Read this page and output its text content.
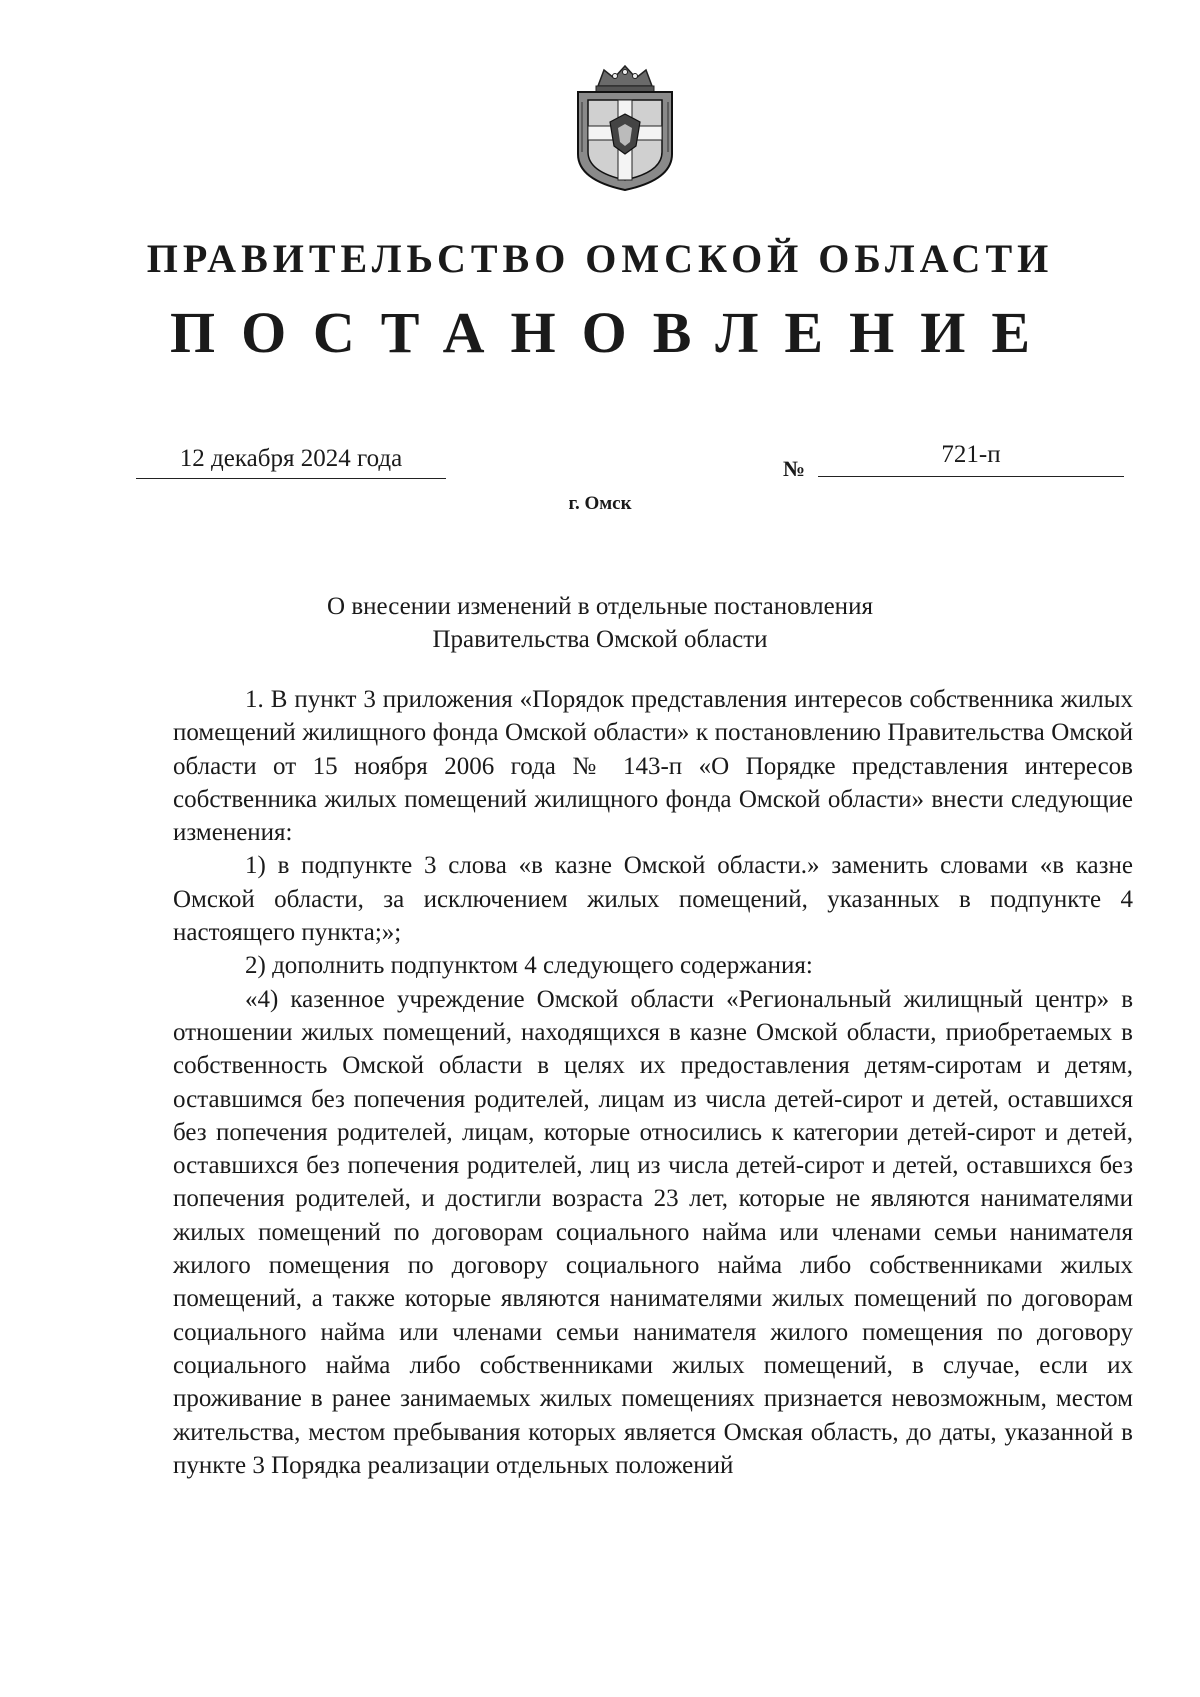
ПРАВИТЕЛЬСТВО ОМСКОЙ ОБЛАСТИ
ПОСТАНОВЛЕНИЕ
12 декабря 2024 года	№
721-п
г. Омск
О внесении изменений в отдельные постановления
Правительства Омской области

1. В пункт 3 приложения «Порядок представления интересов собственника жилых помещений жилищного фонда Омской области» к постановлению Правительства Омской области от 15 ноября 2006 года № 143-п «О Порядке представления интересов собственника жилых помещений жилищного фонда Омской области» внести следующие изменения:

1) в подпункте 3 слова «в казне Омской области.» заменить словами «в казне Омской области, за исключением жилых помещений, указанных в подпункте 4 настоящего пункта;»;

2) дополнить подпунктом 4 следующего содержания:

«4) казенное учреждение Омской области «Региональный жилищный центр» в отношении жилых помещений, находящихся в казне Омской области, приобретаемых в собственность Омской области в целях их предоставления детям-сиротам и детям, оставшимся без попечения родителей, лицам из числа детей-сирот и детей, оставшихся без попечения родителей, лицам, которые относились к категории детей-сирот и детей, оставшихся без попечения родителей, лиц из числа детей-сирот и детей, оставшихся без попечения родителей, и достигли возраста 23 лет, которые не являются нанимателями жилых помещений по договорам социального найма или членами семьи нанимателя жилого помещения по договору социального найма либо собственниками жилых помещений, а также которые являются нанимателями жилых помещений по договорам социального найма или членами семьи нанимателя жилого помещения по договору социального найма либо собственниками жилых помещений, в случае, если их проживание в ранее занимаемых жилых помещениях признается невозможным, местом жительства, местом пребывания которых является Омская область, до даты, указанной в пункте 3 Порядка реализации отдельных положений
